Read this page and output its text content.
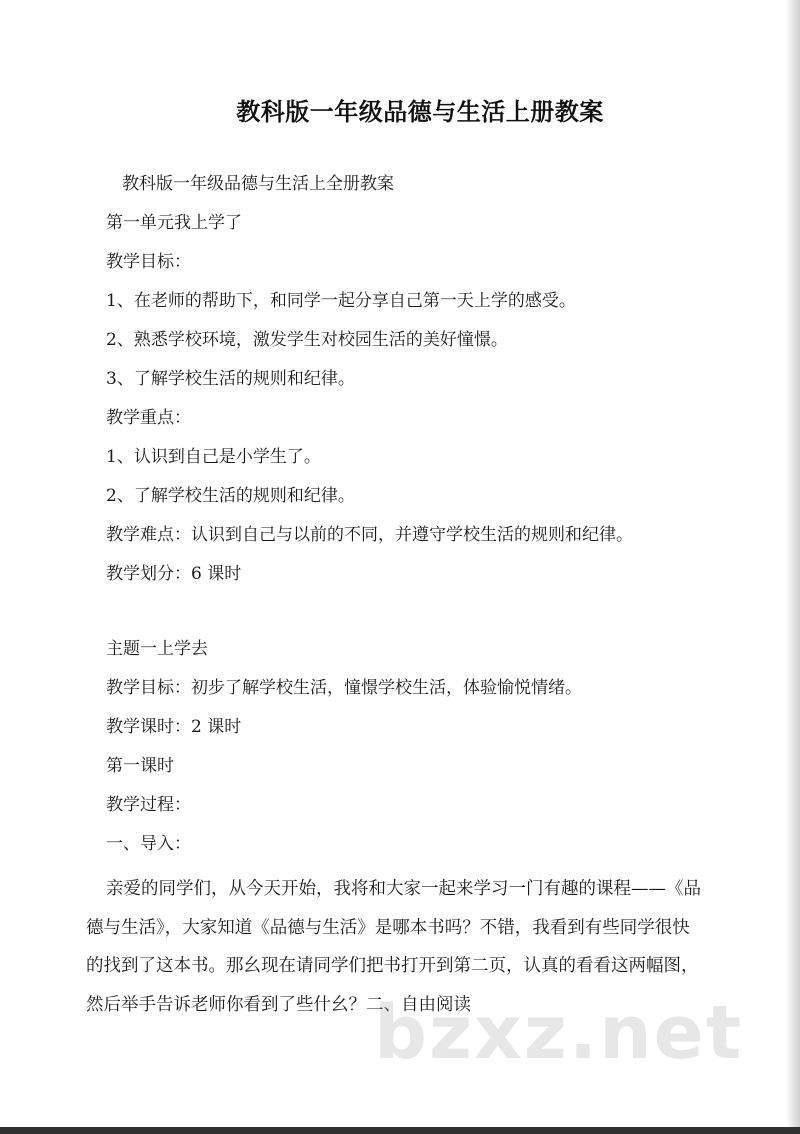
教科版一年级品德与生活上册教案
教科版一年级品德与生活上全册教案
第一单元我上学了
教学目标：
1、在老师的帮助下，和同学一起分享自己第一天上学的感受。
2、熟悉学校环境，激发学生对校园生活的美好憧憬。
3、了解学校生活的规则和纪律。
教学重点：
1、认识到自己是小学生了。
2、了解学校生活的规则和纪律。
教学难点：认识到自己与以前的不同，并遵守学校生活的规则和纪律。
教学划分：6 课时
主题一上学去
教学目标：初步了解学校生活，憧憬学校生活，体验愉悦情绪。
教学课时：2 课时
第一课时
教学过程：
一、导入：
亲爱的同学们，从今天开始，我将和大家一起来学习一门有趣的课程——《品德与生活》，大家知道《品德与生活》是哪本书吗？不错，我看到有些同学很快的找到了这本书。那幺现在请同学们把书打开到第二页，认真的看看这两幅图，然后举手告诉老师你看到了些什幺？二、自由阅读
bzxz.net
